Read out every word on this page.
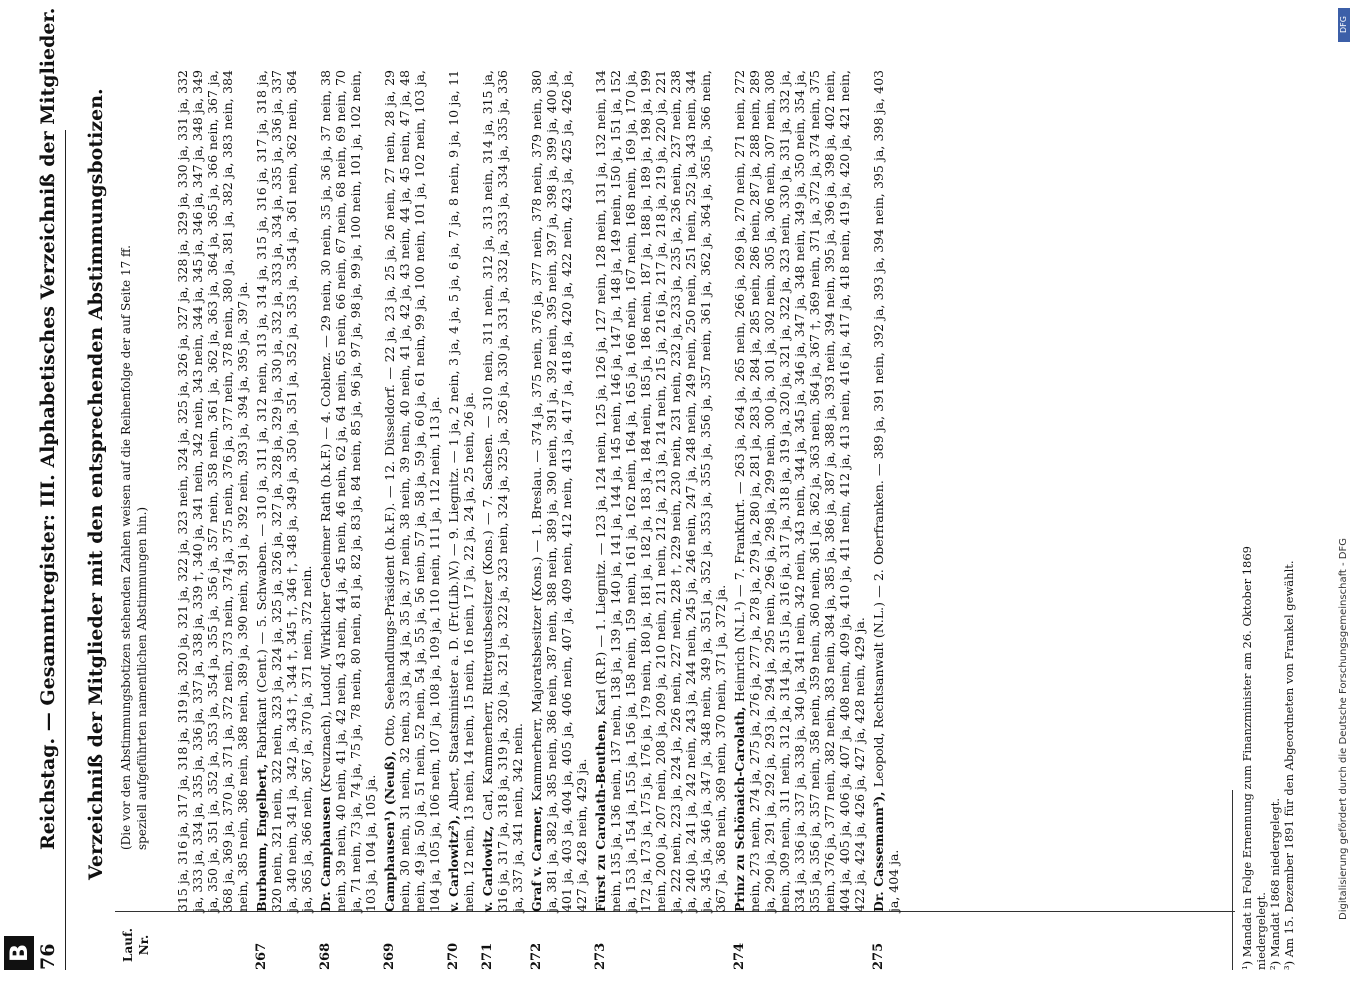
B 76
Reichstag. — Gesammtregister: III. Alphabetisches Verzeichniß der Mitglieder. Verzeichniß der Mitglieder mit den entsprechenden Abstimmungsbotizen. (Die vor den Abstimmungsbotizen stehenden Zahlen weisen auf die Reihenfolge der auf Seite 17 ff. speziell aufgeführten namentlichen Abstimmungen hin.)
Lauf. Nr.
315 ja, 316 ja, 317 ja, 318 ja, 319 ja, 320 ja, 321 ja, 322 ja, 323 nein, 324 ja, 325 ja, 326 ja, 327 ja, 328 ja, 329 ja, 330 ja, 331 ja, 332 ja, 333 ja, 334 ja, 335 ja, 336 ja, 337 ja, 338 ja, 339 †, 340 ja, 341 nein, 342 nein, 343 nein, 344 ja, 345 ja, 346 ja, 347 ja, 348 ja, 349 ja, 350 ja, 351 ja, 352 ja, 353 ja, 354 ja, 355 ja, 356 ja, 357 nein, 358 nein, 361 ja, 362 ja, 363 ja, 364 ja, 365 ja, 366 nein, 367 ja, 368 ja, 369 ja, 370 ja, 371 ja, 372 nein, 373 nein, 374 ja, 375 nein, 376 ja, 377 nein, 378 nein, 380 ja, 381 ja, 382 ja, 383 nein, 384 nein, 385 nein, 386 nein, 388 nein, 389 ja, 390 nein, 391 ja, 392 nein, 393 ja, 394 ja, 395 ja, 397 ja.
267
Burbaum, Engelbert, Fabrikant (Cent.) — 5. Schwaben. — 310 ja, 311 ja, 312 nein, 313 ja, 314 ja, 315 ja, 316 ja, 317 ja, 318 ja, 320 nein, 321 nein, 322 nein, 323 ja, 324 ja, 325 ja, 326 ja, 327 ja, 328 ja, 329 ja, 330 ja, 332 ja, 333 ja, 334 ja, 335 ja, 336 ja, 337 ja, 340 nein, 341 ja, 342 ja, 343 †, 344 †, 345 †, 346 †, 348 ja, 349 ja, 350 ja, 351 ja, 352 ja, 353 ja, 354 ja, 361 nein, 362 nein, 364 ja, 365 ja, 366 nein, 367 ja, 370 ja, 371 nein, 372 nein.
268
Dr. Camphausen (Kreuznach), Ludolf, Wirklicher Geheimer Rath (b.k.F.) — 4. Coblenz. — 29 nein, 30 nein, 35 ja, 36 ja, 37 nein, 38 nein, 39 nein, 40 nein, 41 ja, 42 nein, 43 nein, 44 ja, 45 nein, 46 nein, 62 ja, 64 nein, 65 nein, 66 nein, 67 nein, 68 nein, 69 nein, 70 ja, 71 nein, 73 ja, 74 ja, 75 ja, 78 nein, 80 nein, 81 ja, 82 ja, 83 ja, 84 nein, 85 ja, 96 ja, 97 ja, 98 ja, 99 ja, 100 nein, 101 ja, 102 nein, 103 ja, 104 ja, 105 ja.
269
Camphausen¹) (Neuß), Otto, Seehandlungs-Präsident (b.k.F.). — 12. Düsseldorf. — 22 ja, 23 ja, 25 ja, 26 nein, 27 nein, 28 ja, 29 nein, 30 nein, 31 nein, 32 nein, 33 ja, 34 ja, 35 ja, 37 nein, 38 nein, 39 nein, 40 nein, 41 ja, 42 ja, 43 nein, 44 ja, 45 nein, 47 ja, 48 nein, 49 ja, 50 ja, 51 nein, 52 nein, 54 ja, 55 ja, 56 nein, 57 ja, 58 ja, 59 ja, 60 ja, 61 nein, 99 ja, 100 nein, 101 ja, 102 nein, 103 ja, 104 ja, 105 ja, 106 nein, 107 ja, 108 ja, 109 ja, 110 nein, 111 ja, 112 nein, 113 ja.
270
v. Carlowitz²), Albert, Staatsminister a. D. (Fr.(Lib.)V.) — 9. Liegnitz. — 1 ja, 2 nein, 3 ja, 4 ja, 5 ja, 6 ja, 7 ja, 8 nein, 9 ja, 10 ja, 11 nein, 12 nein, 13 nein, 14 nein, 15 nein, 16 nein, 17 ja, 22 ja, 24 ja, 25 nein, 26 ja.
271
v. Carlowitz, Carl, Kammerherr, Rittergutsbesitzer (Kons.) — 7. Sachsen. — 310 nein, 311 nein, 312 ja, 313 nein, 314 ja, 315 ja, 316 ja, 317 ja, 318 ja, 319 ja, 320 ja, 321 ja, 322 ja, 323 nein, 324 ja, 325 ja, 326 ja, 330 ja, 331 ja, 332 ja, 333 ja, 334 ja, 335 ja, 336 ja, 337 ja, 341 nein, 342 nein.
272
Graf v. Carmer, Kammerherr, Majoratsbesitzer (Kons.) — 1. Breslau. — 374 ja, 375 nein, 376 ja, 377 nein, 378 nein, 379 nein, 380 ja, 381 ja, 382 ja, 385 nein, 386 nein, 387 nein, 388 nein, 389 ja, 390 nein, 391 ja, 392 nein, 395 nein, 397 ja, 398 ja, 399 ja, 400 ja, 401 ja, 403 ja, 404 ja, 405 ja, 406 nein, 407 ja, 409 nein, 412 nein, 413 ja, 417 ja, 418 ja, 420 ja, 422 nein, 423 ja, 425 ja, 426 ja, 427 ja, 428 nein, 429 ja.
273
Fürst zu Carolath-Beuthen, Karl (R.P.) — 1. Liegnitz. — 123 ja, 124 nein, 125 ja, 126 ja, 127 nein, 128 nein, 131 ja, 132 nein, 134 nein, 135 ja, 136 nein, 137 nein, 138 ja, 139 ja, 140 ja, 141 ja, 144 ja, 145 nein, 146 ja, 147 ja, 148 ja, 149 nein, 150 ja, 151 ja, 152 ja, 153 ja, 154 ja, 155 ja, 156 ja, 158 nein, 159 nein, 161 ja, 162 nein, 164 ja, 165 ja, 166 nein, 167 nein, 168 nein, 169 ja, 170 ja, 172 ja, 173 ja, 175 ja, 176 ja, 179 nein, 180 ja, 181 ja, 182 ja, 183 ja, 184 nein, 185 ja, 186 nein, 187 ja, 188 ja, 189 ja, 198 ja, 199 nein, 200 ja, 207 nein, 208 ja, 209 ja, 210 nein, 211 nein, 212 ja, 213 ja, 214 nein, 215 ja, 216 ja, 217 ja, 218 ja, 219 ja, 220 ja, 221 ja, 222 nein, 223 ja, 224 ja, 226 nein, 227 nein, 228 †, 229 nein, 230 nein, 231 nein, 232 ja, 233 ja, 235 ja, 236 nein, 237 nein, 238 ja, 240 ja, 241 ja, 242 nein, 243 ja, 244 nein, 245 ja, 246 nein, 247 ja, 248 nein, 249 nein, 250 nein, 251 nein, 252 ja, 343 nein, 344 ja, 345 ja, 346 ja, 347 ja, 348 nein, 349 ja, 351 ja, 352 ja, 353 ja, 355 ja, 356 ja, 357 nein, 361 ja, 362 ja, 364 ja, 365 ja, 366 nein, 367 ja, 368 nein, 369 nein, 370 nein, 371 ja, 372 ja.
274
Prinz zu Schönaich-Carolath, Heinrich (N.L.¹) — 7. Frankfurt. — 263 ja, 264 ja, 265 nein, 266 ja, 269 ja, 270 nein, 271 nein, 272 nein, 273 nein, 274 ja, 275 ja, 276 ja, 277 ja, 278 ja, 279 ja, 280 ja, 281 ja, 283 ja, 284 ja, 285 nein, 286 nein, 287 ja, 288 nein, 289 ja, 290 ja, 291 ja, 292 ja, 293 ja, 294 ja, 295 nein, 296 ja, 298 ja, 299 nein, 300 ja, 301 ja, 302 nein, 305 ja, 306 nein, 307 nein, 308 nein, 309 nein, 311 nein, 312 ja, 314 ja, 315 ja, 316 ja, 317 ja, 318 ja, 319 ja, 320 ja, 321 ja, 322 ja, 323 nein, 330 ja, 331 ja, 332 ja, 334 ja, 336 ja, 337 ja, 338 ja, 340 ja, 341 nein, 342 nein, 343 nein, 344 ja, 345 ja, 346 ja, 347 ja, 348 nein, 349 ja, 350 nein, 354 ja, 355 ja, 356 ja, 357 nein, 358 nein, 359 nein, 360 nein, 361 ja, 362 ja, 363 nein, 364 ja, 367 †, 369 nein, 371 ja, 372 ja, 374 nein, 375 nein, 376 ja, 377 nein, 382 nein, 383 nein, 384 ja, 385 ja, 386 ja, 387 ja, 388 ja, 393 nein, 394 nein, 395 ja, 396 ja, 398 ja, 402 nein, 404 ja, 405 ja, 406 ja, 407 ja, 408 nein, 409 ja, 410 ja, 411 nein, 412 ja, 413 nein, 416 ja, 417 ja, 418 nein, 419 ja, 420 ja, 421 nein, 422 ja, 424 ja, 426 ja, 427 ja, 428 nein, 429 ja.
275
Dr. Cassemann³), Leopold, Rechtsanwalt (N.L.) — 2. Oberfranken. — 389 ja, 391 nein, 392 ja, 393 ja, 394 nein, 395 ja, 398 ja, 403 ja, 404 ja.	¹) Mandat in Folge Ernennung zum Finanzminister am 26. Oktober 1869 niedergelegt. ²) Mandat 1868 niedergelegt. ³) Am 15. Dezember 1891 für den Abgeordneten von Frankel gewählt.

DFG
Digitalisierung gefördert durch die Deutsche Forschungsgemeinschaft - DFG
